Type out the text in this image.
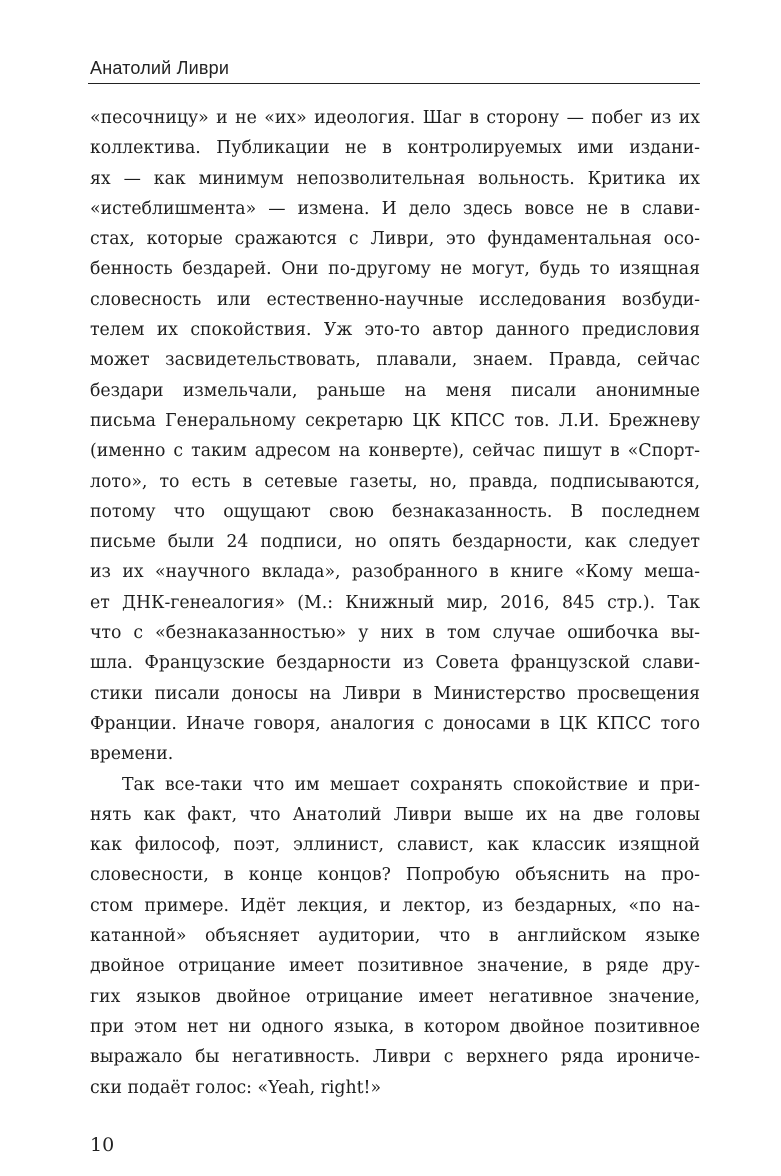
Анатолий Ливри
«песочницу» и не «их» идеология. Шаг в сторону — побег из их
коллектива. Публикации не в контролируемых ими издани-
ях — как минимум непозволительная вольность. Критика их
«истеблишмента» — измена. И дело здесь вовсе не в слави-
стах, которые сражаются с Ливри, это фундаментальная осо-
бенность бездарей. Они по-другому не могут, будь то изящная
словесность или естественно-научные исследования возбуди-
телем их спокойствия. Уж это-то автор данного предисловия
может засвидетельствовать, плавали, знаем. Правда, сейчас
бездари измельчали, раньше на меня писали анонимные
письма Генеральному секретарю ЦК КПСС тов. Л.И. Брежневу
(именно с таким адресом на конверте), сейчас пишут в «Спорт-
лото», то есть в сетевые газеты, но, правда, подписываются,
потому что ощущают свою безнаказанность. В последнем
письме были 24 подписи, но опять бездарности, как следует
из их «научного вклада», разобранного в книге «Кому меша-
ет ДНК-генеалогия» (М.: Книжный мир, 2016, 845 стр.). Так
что с «безнаказанностью» у них в том случае ошибочка вы-
шла. Французские бездарности из Совета французской слави-
стики писали доносы на Ливри в Министерство просвещения
Франции. Иначе говоря, аналогия с доносами в ЦК КПСС того
времени.
Так все-таки что им мешает сохранять спокойствие и при-
нять как факт, что Анатолий Ливри выше их на две головы
как философ, поэт, эллинист, славист, как классик изящной
словесности, в конце концов? Попробую объяснить на про-
стом примере. Идёт лекция, и лектор, из бездарных, «по на-
катанной» объясняет аудитории, что в английском языке
двойное отрицание имеет позитивное значение, в ряде дру-
гих языков двойное отрицание имеет негативное значение,
при этом нет ни одного языка, в котором двойное позитивное
выражало бы негативность. Ливри с верхнего ряда ирониче-
ски подаёт голос: «Yeah, right!»
10
